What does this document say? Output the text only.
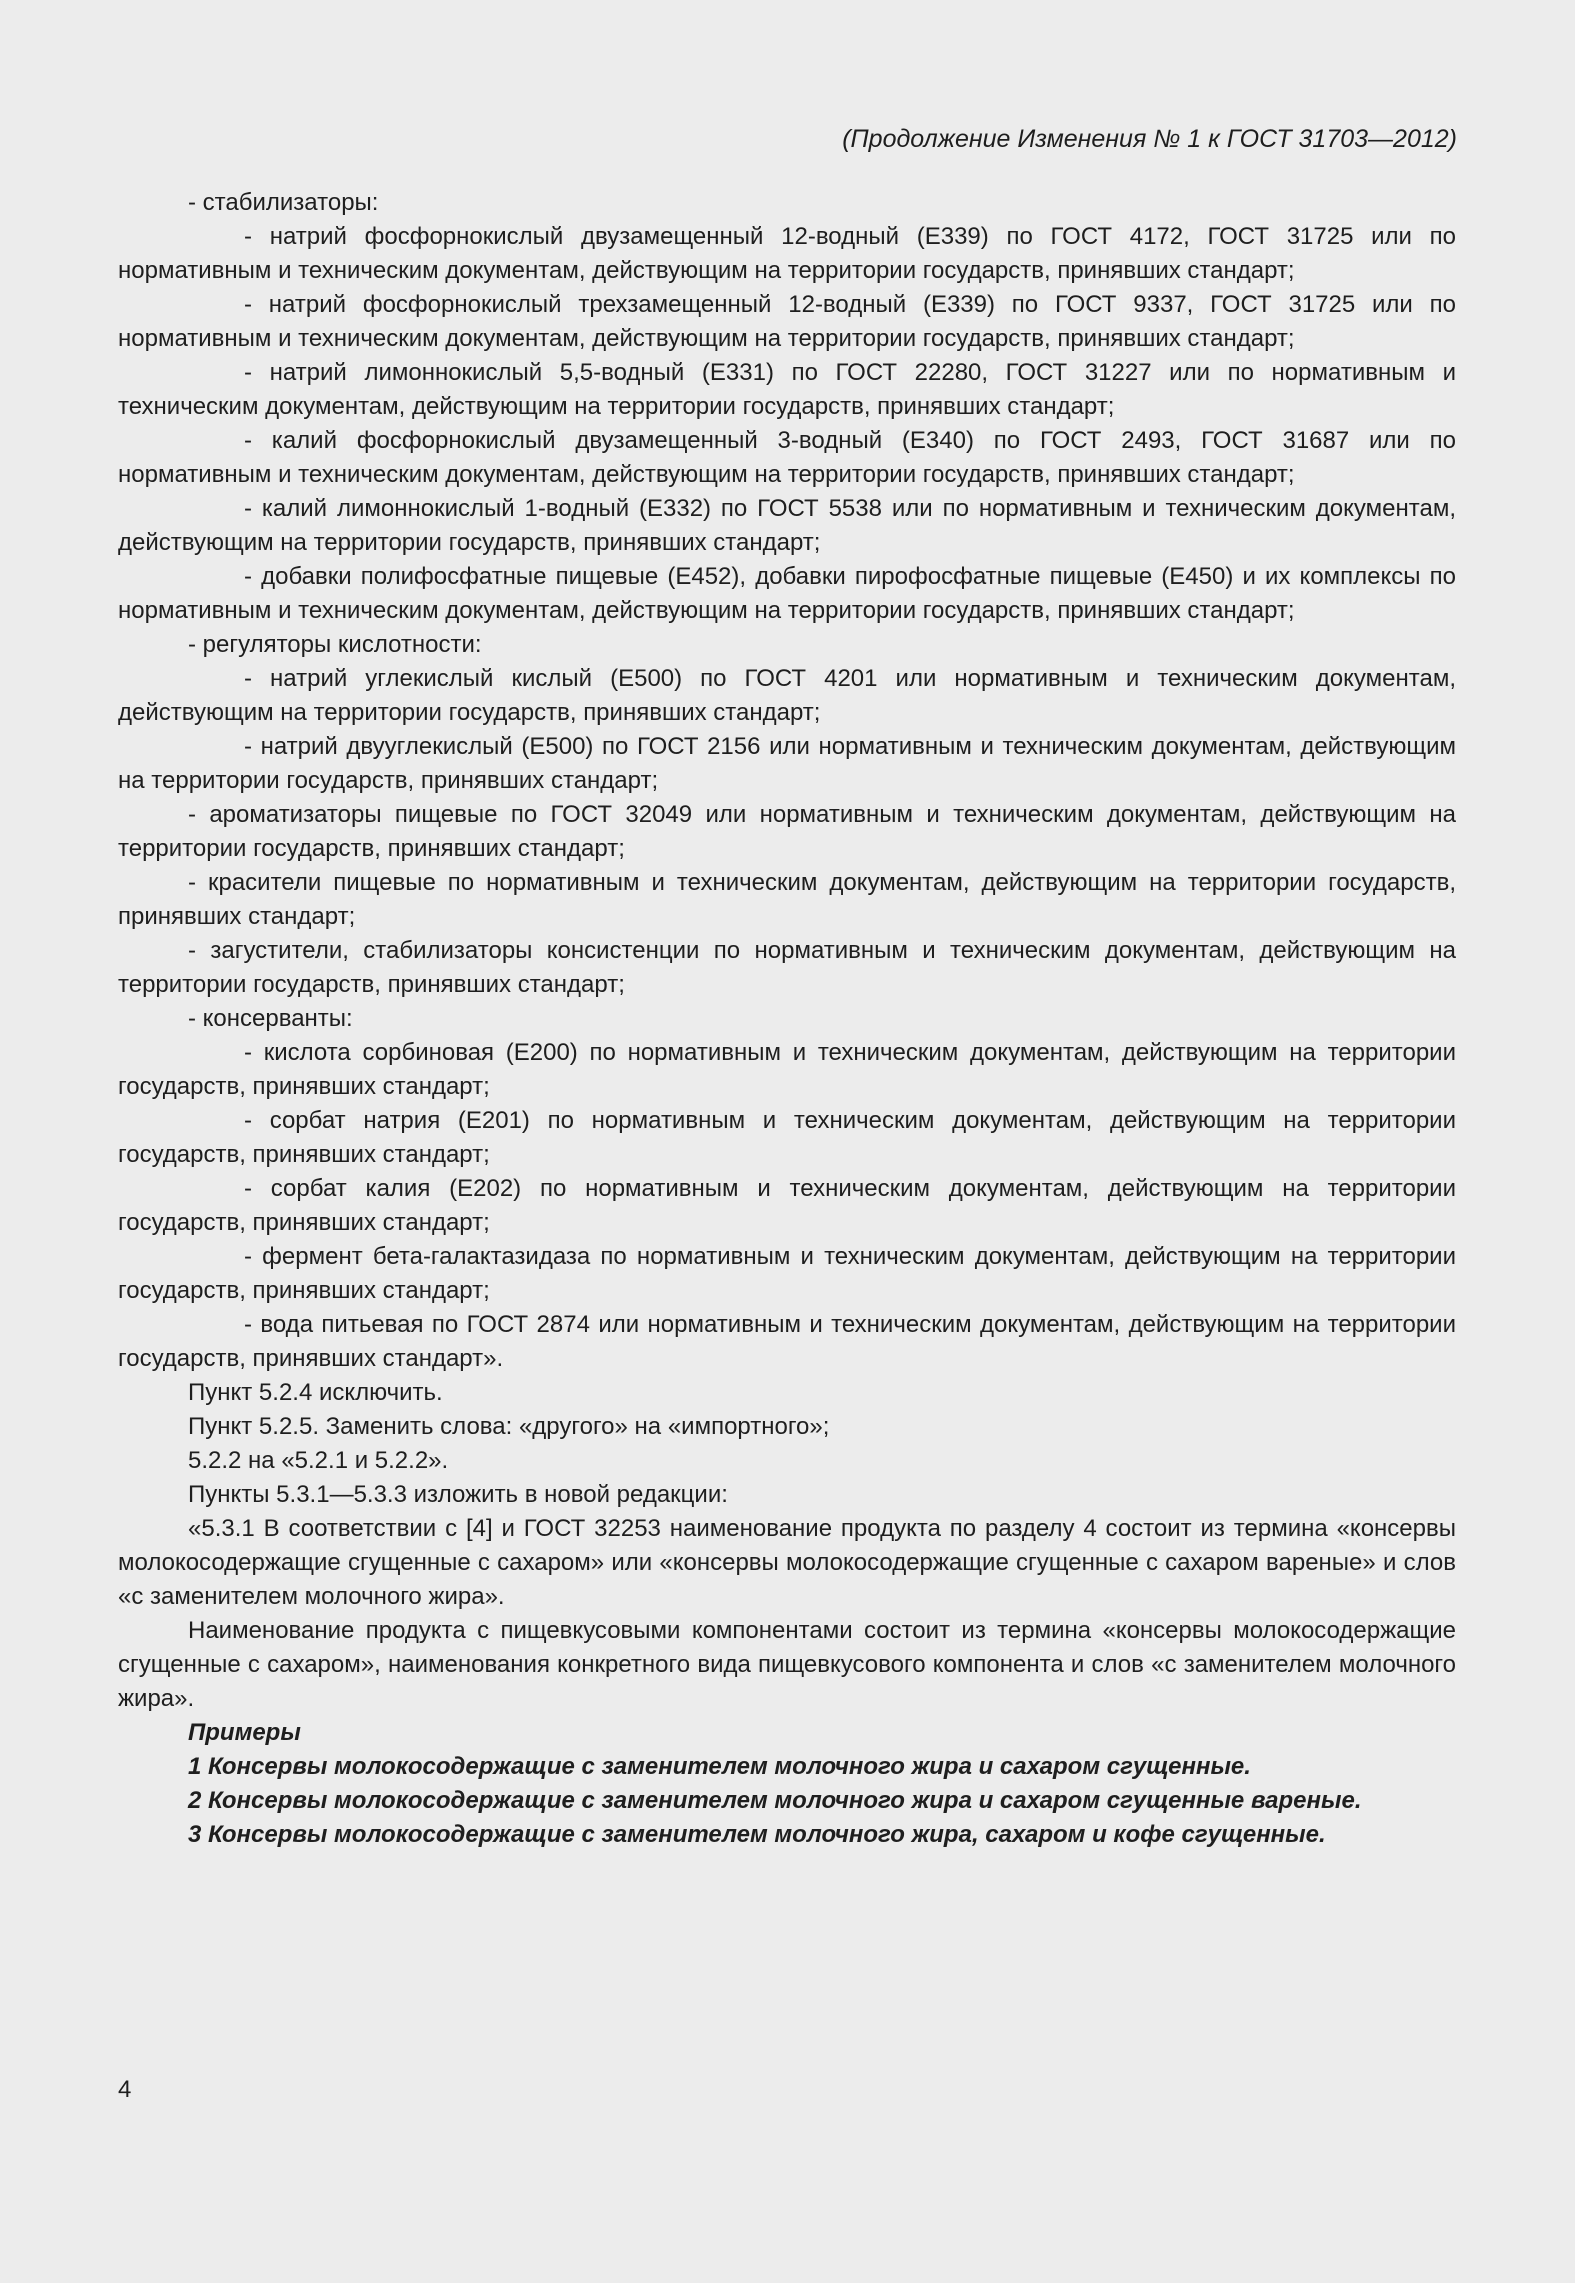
(Продолжение Изменения № 1 к ГОСТ 31703—2012)

- стабилизаторы:

- натрий фосфорнокислый двузамещенный 12-водный (Е339) по ГОСТ 4172, ГОСТ 31725 или по нормативным и техническим документам, действующим на территории государств, принявших стандарт;

- натрий фосфорнокислый трехзамещенный 12-водный (Е339) по ГОСТ 9337, ГОСТ 31725 или по нормативным и техническим документам, действующим на территории государств, принявших стандарт;

- натрий лимоннокислый 5,5-водный (Е331) по ГОСТ 22280, ГОСТ 31227 или по нормативным и техническим документам, действующим на территории государств, принявших стандарт;

- калий фосфорнокислый двузамещенный 3-водный (Е340) по ГОСТ 2493, ГОСТ 31687 или по нормативным и техническим документам, действующим на территории государств, принявших стандарт;

- калий лимоннокислый 1-водный (Е332) по ГОСТ 5538 или по нормативным и техническим документам, действующим на территории государств, принявших стандарт;

- добавки полифосфатные пищевые (Е452), добавки пирофосфатные пищевые (Е450) и их комплексы по нормативным и техническим документам, действующим на территории государств, принявших стандарт;

- регуляторы кислотности:

- натрий углекислый кислый (Е500) по ГОСТ 4201 или нормативным и техническим документам, действующим на территории государств, принявших стандарт;

- натрий двууглекислый (Е500) по ГОСТ 2156 или нормативным и техническим документам, действующим на территории государств, принявших стандарт;

- ароматизаторы пищевые по ГОСТ 32049 или нормативным и техническим документам, действующим на территории государств, принявших стандарт;

- красители пищевые по нормативным и техническим документам, действующим на территории государств, принявших стандарт;

- загустители, стабилизаторы консистенции по нормативным и техническим документам, действующим на территории государств, принявших стандарт;

- консерванты:

- кислота сорбиновая (Е200) по нормативным и техническим документам, действующим на территории государств, принявших стандарт;

- сорбат натрия (Е201) по нормативным и техническим документам, действующим на территории государств, принявших стандарт;

- сорбат калия (Е202) по нормативным и техническим документам, действующим на территории государств, принявших стандарт;

- фермент бета-галактазидаза по нормативным и техническим документам, действующим на территории государств, принявших стандарт;

- вода питьевая по ГОСТ 2874 или нормативным и техническим документам, действующим на территории государств, принявших стандарт».

Пункт 5.2.4 исключить.

Пункт 5.2.5. Заменить слова: «другого» на «импортного»;

5.2.2 на «5.2.1 и 5.2.2».

Пункты 5.3.1—5.3.3 изложить в новой редакции:

«5.3.1 В соответствии с [4] и ГОСТ 32253 наименование продукта по разделу 4 состоит из термина «консервы молокосодержащие сгущенные с сахаром» или «консервы молокосодержащие сгущенные с сахаром вареные» и слов «с заменителем молочного жира».

Наименование продукта с пищевкусовыми компонентами состоит из термина «консервы молокосодержащие сгущенные с сахаром», наименования конкретного вида пищевкусового компонента и слов «с заменителем молочного жира».

Примеры

1 Консервы молокосодержащие с заменителем молочного жира и сахаром сгущенные.

2 Консервы молокосодержащие с заменителем молочного жира и сахаром сгущенные вареные.

3 Консервы молокосодержащие с заменителем молочного жира, сахаром и кофе сгущенные.

4
